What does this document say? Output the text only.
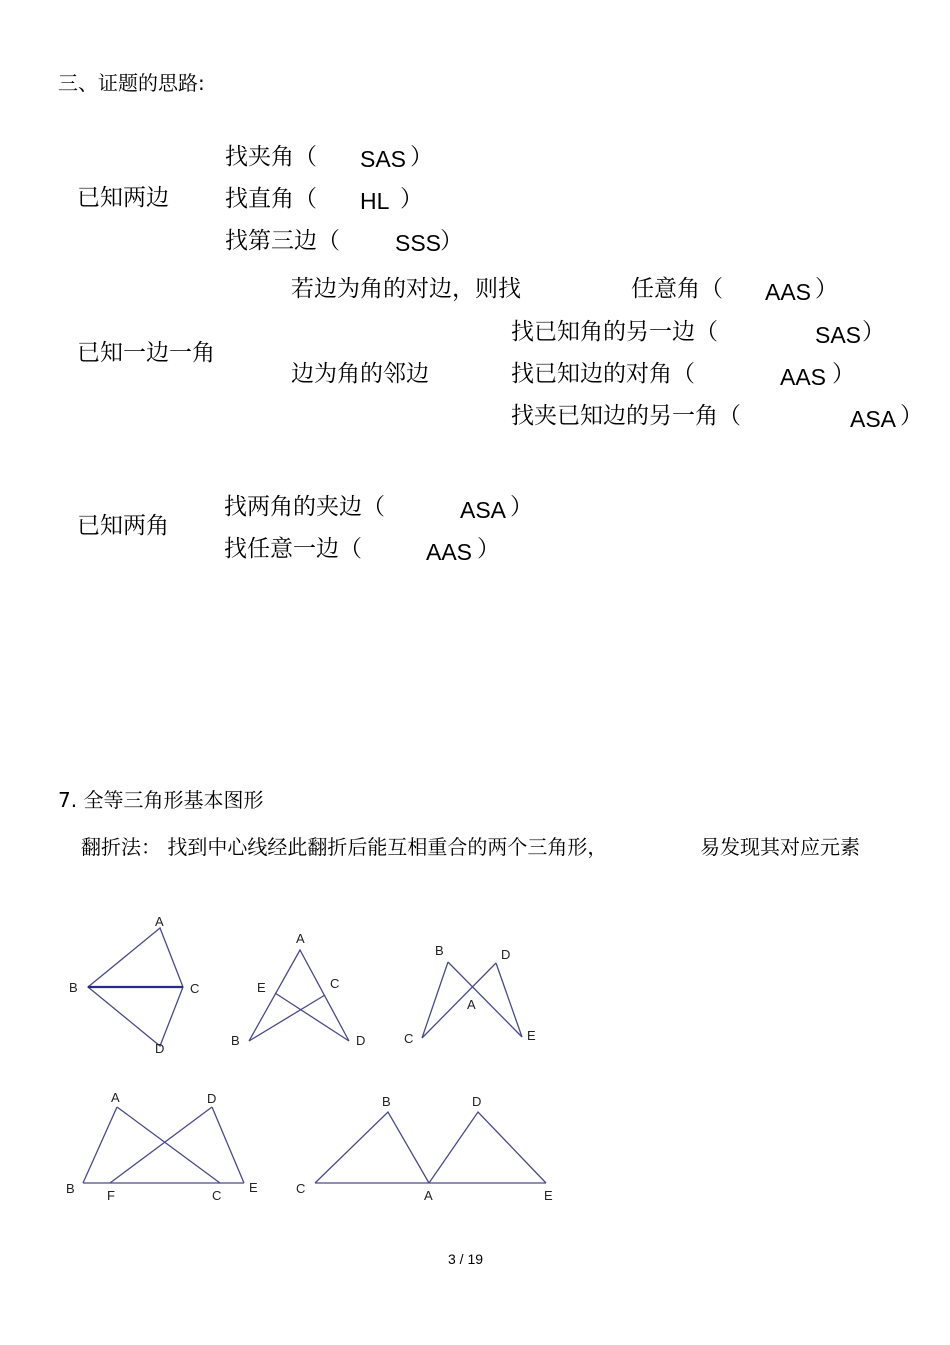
三、证题的思路:
已知两边
找夹角（ SAS ）
找直角（ HL ）
找第三边（ SSS
）
已知一边一角
若边为角的对边，则找	任意角（ AAS ）
边为角的邻边
找已知角的另一边（	SAS ）
找已知边的对角（	AAS ）
找夹已知边的另一角（	ASA ）
已知两角
找两角的夹边（	ASA ）
找任意一边（	AAS ）
7. 全等三角形基本图形
翻折法： 找到中心线经此翻折后能互相重合的两个三角形，	易发现其对应元素
A
B	C
D
A
E	C
B	D
B	D
A
C	E
A	D
B F	C
E
B	D
C	A	E
3 / 19
